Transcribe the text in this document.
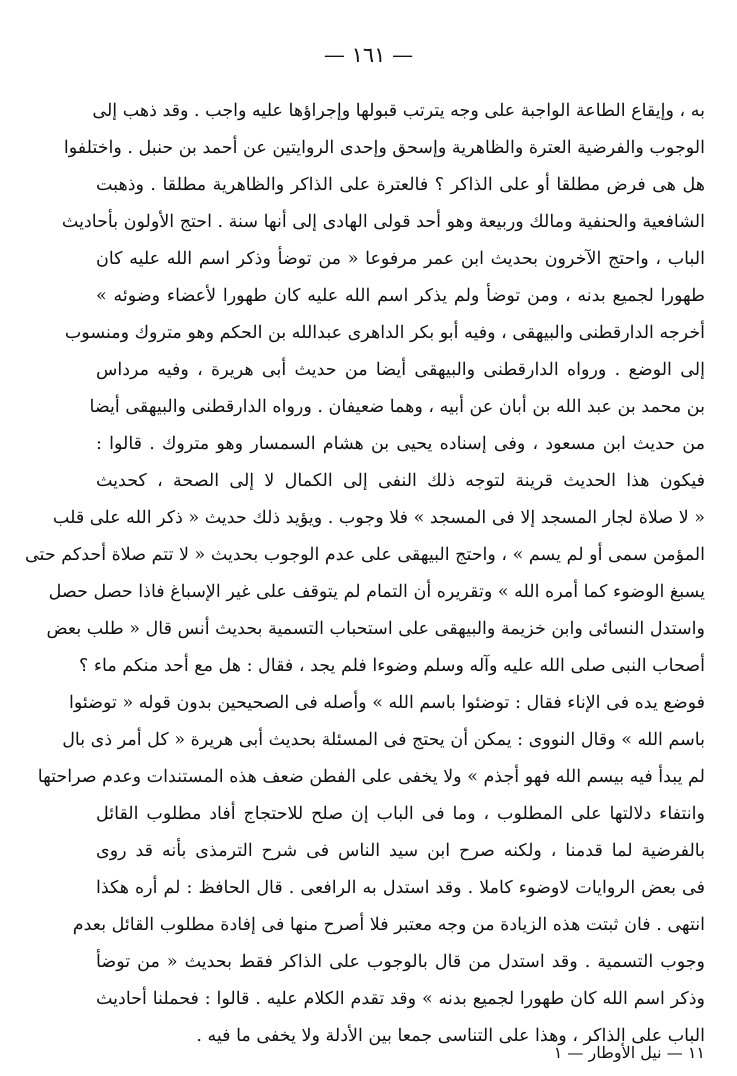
— ١٦١ —
به ، وإيقاع الطاعة الواجبة على وجه يترتب قبولها وإجراؤها عليه واجب . وقد ذهب إلى
الوجوب والفرضية العترة والظاهرية وإسحق وإحدى الروايتين عن أحمد بن حنبل . واختلفوا
هل هى فرض مطلقا أو على الذاكر ؟ فالعترة على الذاكر والظاهرية مطلقا . وذهبت
الشافعية والحنفية ومالك وربيعة وهو أحد قولى الهادى إلى أنها سنة . احتج الأولون بأحاديث
الباب ، واحتج الآخرون بحديث ابن عمر مرفوعا « من توضأ وذكر اسم الله عليه كان
طهورا لجميع بدنه ، ومن توضأ ولم يذكر اسم الله عليه كان طهورا لأعضاء وضوئه »
أخرجه الدارقطنى والبيهقى ، وفيه أبو بكر الداهرى عبدالله بن الحكم وهو متروك ومنسوب
إلى الوضع . ورواه الدارقطنى والبيهقى أيضا من حديث أبى هريرة ، وفيه مرداس
بن محمد بن عبد الله بن أبان عن أبيه ، وهما ضعيفان . ورواه الدارقطنى والبيهقى أيضا
من حديث ابن مسعود ، وفى إسناده يحيى بن هشام السمسار وهو متروك . قالوا :
فيكون هذا الحديث قرينة لتوجه ذلك النفى إلى الكمال لا إلى الصحة ، كحديث
« لا صلاة لجار المسجد إلا فى المسجد » فلا وجوب . ويؤيد ذلك حديث « ذكر الله على قلب
المؤمن سمى أو لم يسم » ، واحتج البيهقى على عدم الوجوب بحديث « لا تتم صلاة أحدكم حتى
يسبغ الوضوء كما أمره الله » وتقريره أن التمام لم يتوقف على غير الإسباغ فاذا حصل حصل
واستدل النسائى وابن خزيمة والبيهقى على استحباب التسمية بحديث أنس قال « طلب بعض
أصحاب النبى صلى الله عليه وآله وسلم وضوءا فلم يجد ، فقال : هل مع أحد منكم ماء ؟
فوضع يده فى الإناء فقال : توضئوا باسم الله » وأصله فى الصحيحين بدون قوله « توضئوا
باسم الله » وقال النووى : يمكن أن يحتج فى المسئلة بحديث أبى هريرة « كل أمر ذى بال
لم يبدأ فيه بيسم الله فهو أجذم » ولا يخفى على الفطن ضعف هذه المستندات وعدم صراحتها
وانتفاء دلالتها على المطلوب ، وما فى الباب إن صلح للاحتجاج أفاد مطلوب القائل
بالفرضية لما قدمنا ، ولكنه صرح ابن سيد الناس فى شرح الترمذى بأنه قد روى
فى بعض الروايات لاوضوء كاملا . وقد استدل به الرافعى . قال الحافظ : لم أره هكذا
انتهى . فان ثبتت هذه الزيادة من وجه معتبر فلا أصرح منها فى إفادة مطلوب القائل بعدم
وجوب التسمية . وقد استدل من قال بالوجوب على الذاكر فقط بحديث « من توضأ
وذكر اسم الله كان طهورا لجميع بدنه » وقد تقدم الكلام عليه . قالوا : فحملنا أحاديث
الباب على الذاكر ، وهذا على التناسى جمعا بين الأدلة ولا يخفى ما فيه .
١١ — نيل الأوطار — ١
